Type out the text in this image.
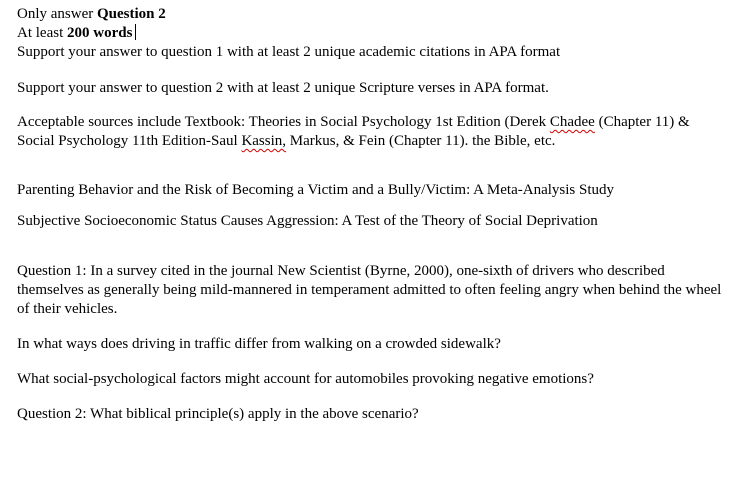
Only answer Question 2
At least 200 words

Support your answer to question 1 with at least 2 unique academic citations in APA format

Support your answer to question 2 with at least 2 unique Scripture verses in APA format.

Acceptable sources include Textbook: Theories in Social Psychology 1st Edition (Derek Chadee (Chapter 11) & Social Psychology 11th Edition-Saul Kassin, Markus, & Fein (Chapter 11). the Bible, etc.

Parenting Behavior and the Risk of Becoming a Victim and a Bully/Victim: A Meta-Analysis Study

Subjective Socioeconomic Status Causes Aggression: A Test of the Theory of Social Deprivation

Question 1: In a survey cited in the journal New Scientist (Byrne, 2000), one-sixth of drivers who described themselves as generally being mild-mannered in temperament admitted to often feeling angry when behind the wheel of their vehicles.

In what ways does driving in traffic differ from walking on a crowded sidewalk?

What social-psychological factors might account for automobiles provoking negative emotions?

Question 2: What biblical principle(s) apply in the above scenario?
